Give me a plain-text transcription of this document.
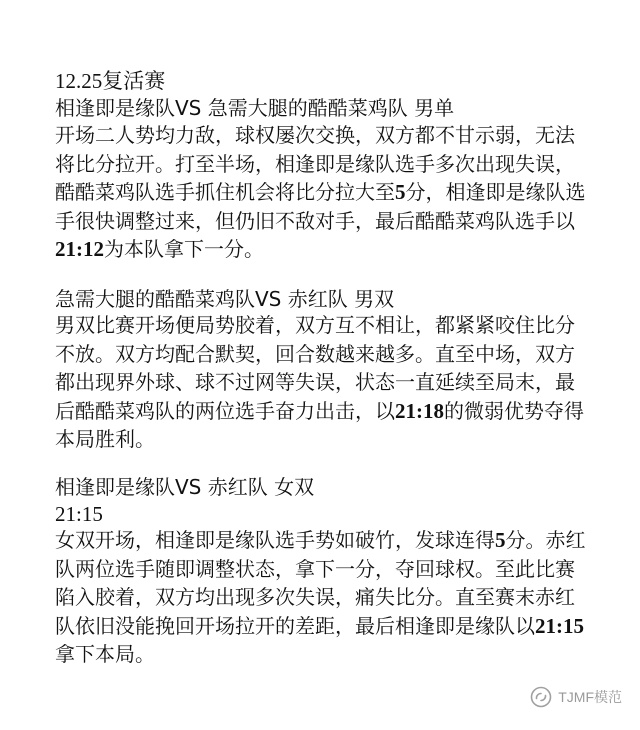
12.25复活赛
相逢即是缘队VS 急需大腿的酷酷菜鸡队 男单

开场二人势均力敌，球权屡次交换，双方都不甘示弱，无法将比分拉开。打至半场，相逢即是缘队选手多次出现失误，酷酷菜鸡队选手抓住机会将比分拉大至5分，相逢即是缘队选手很快调整过来，但仍旧不敌对手，最后酷酷菜鸡队选手以21:12为本队拿下一分。

急需大腿的酷酷菜鸡队VS 赤红队 男双

男双比赛开场便局势胶着，双方互不相让，都紧紧咬住比分不放。双方均配合默契，回合数越来越多。直至中场，双方都出现界外球、球不过网等失误，状态一直延续至局末，最后酷酷菜鸡队的两位选手奋力出击，以21:18的微弱优势夺得本局胜利。

相逢即是缘队VS 赤红队 女双
21:15

女双开场，相逢即是缘队选手势如破竹，发球连得5分。赤红队两位选手随即调整状态，拿下一分，夺回球权。至此比赛陷入胶着，双方均出现多次失误，痛失比分。直至赛末赤红队依旧没能挽回开场拉开的差距，最后相逢即是缘队以21:15拿下本局。

TJMF模范
